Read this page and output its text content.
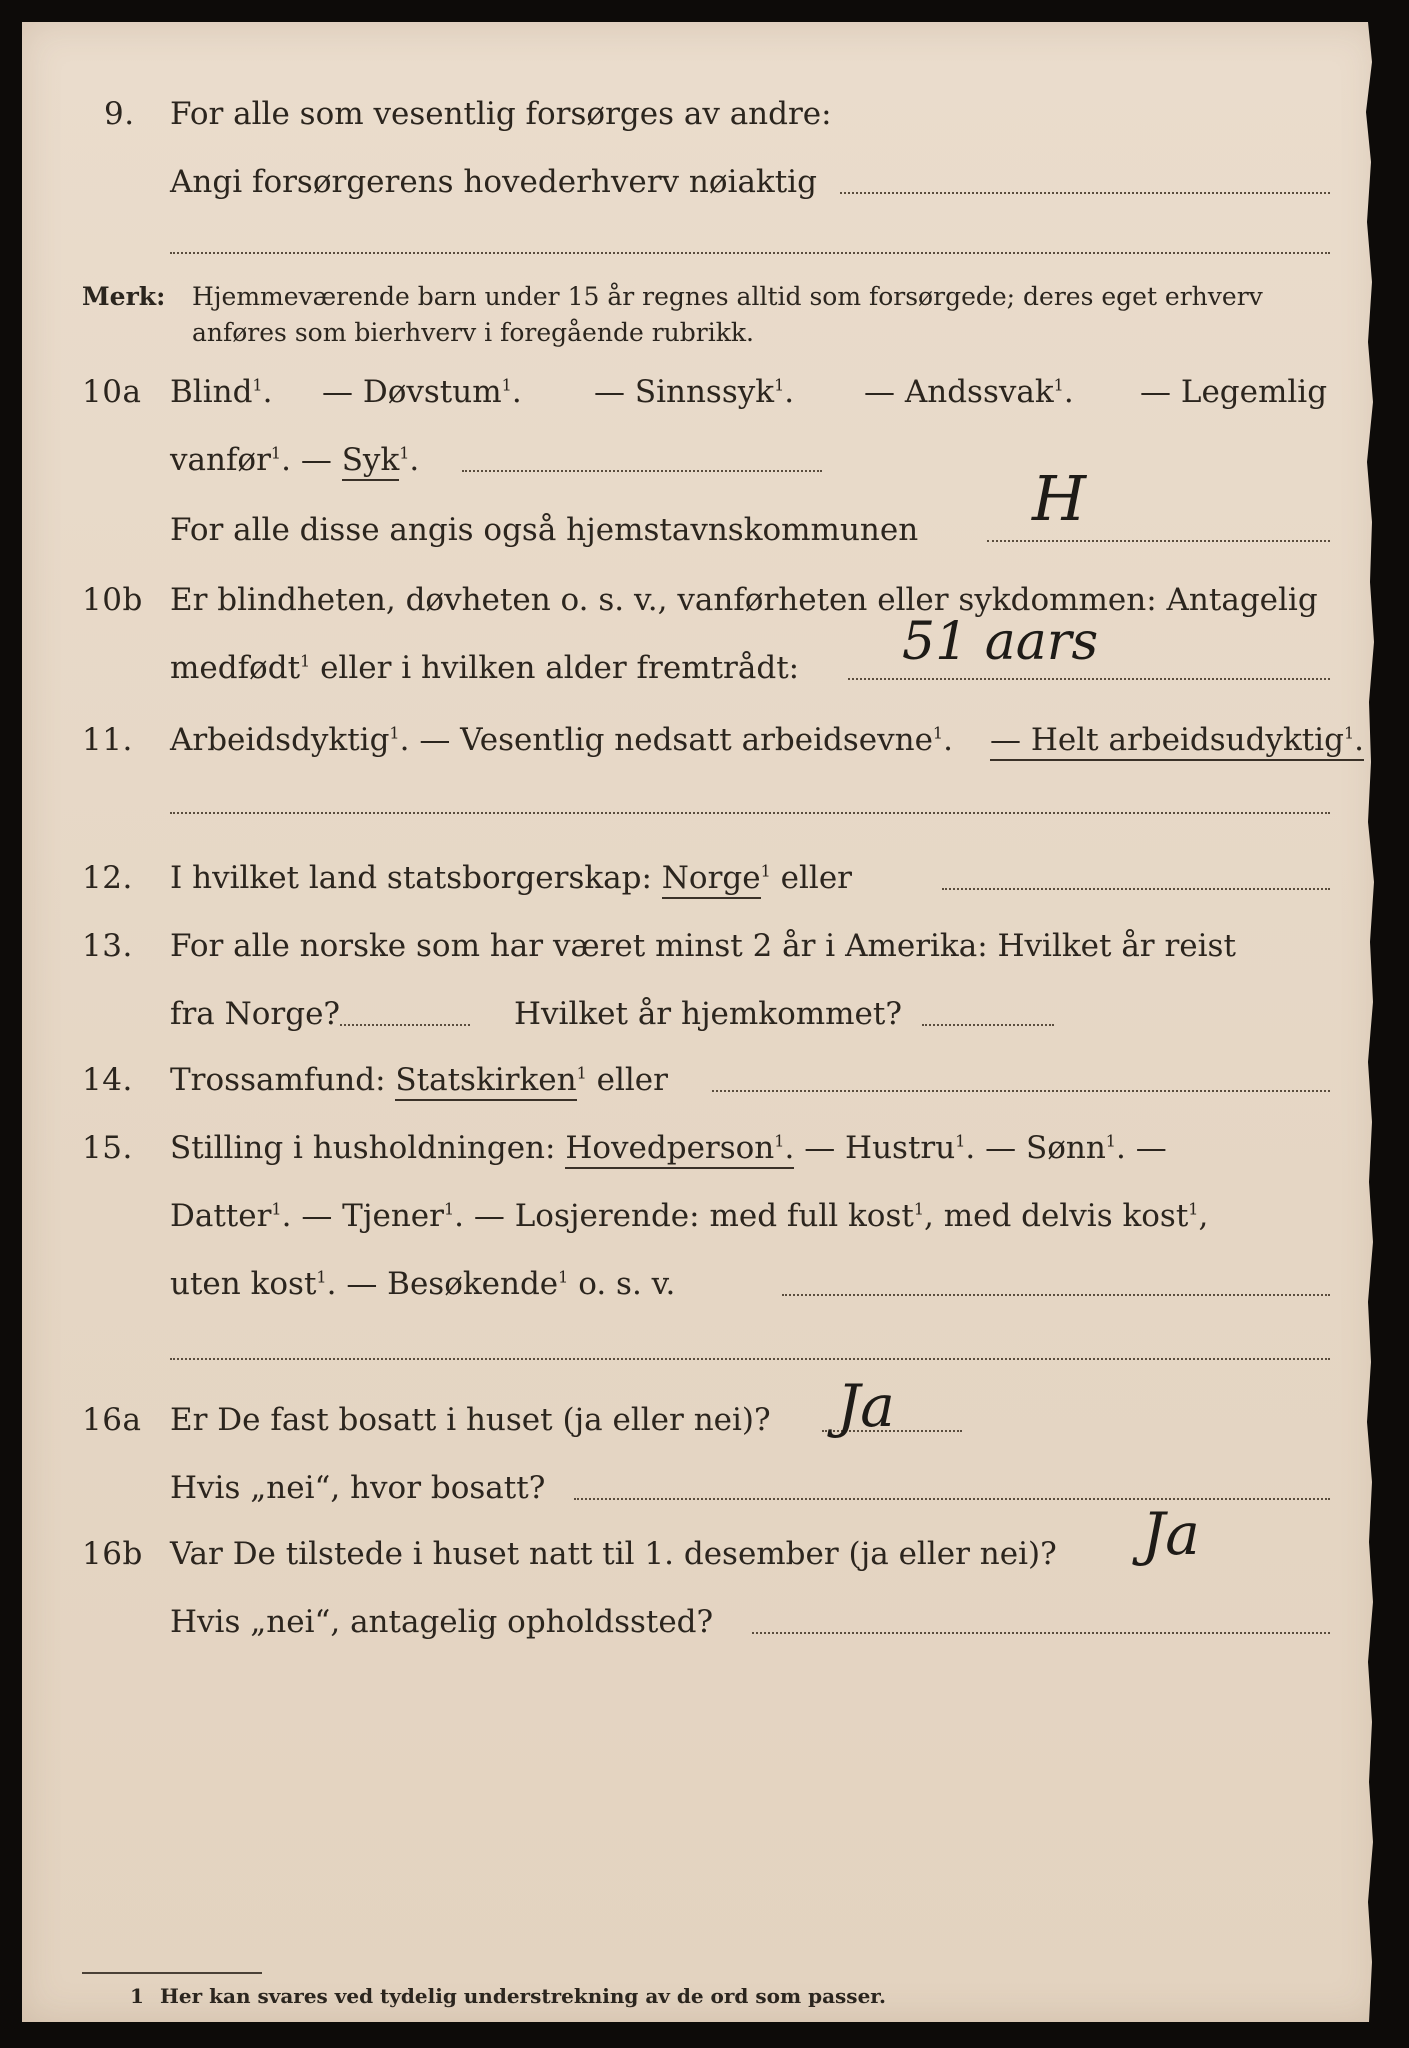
9. For alle som vesentlig forsørges av andre:
Angi forsørgerens hovederhverv nøiaktig
Merk: Hjemmeværende barn under 15 år regnes alltid som forsørgede; deres eget erhverv
anføres som bierhverv i foregående rubrikk.
10a Blind$^1$. — Døvstum$^1$. — Sinnssyk$^1$. — Andssvak$^1$. — Legemlig
vanfør$^1$. — Syk$^1$.
For alle disse angis også hjemstavnskommunen H
10b Er blindheten, døvheten o. s. v., vanførheten eller sykdommen: Antagelig
medfødt$^1$ eller i hvilken alder fremtrådt: 51 aars
11. Arbeidsdyktig$^1$. — Vesentlig nedsatt arbeidsevne$^1$. — Helt arbeidsudyktig$^1$.
12. I hvilket land statsborgerskap: Norge$^1$ eller
13. For alle norske som har været minst 2 år i Amerika: Hvilket år reist
fra Norge?	Hvilket år hjemkommet?
14. Trossamfund: Statskirken$^1$ eller
15. Stilling i husholdningen: Hovedperson$^1$. — Hustru$^1$. — Sønn$^1$. —
Datter$^1$. — Tjener$^1$. — Losjerende: med full kost$^1$, med delvis kost$^1$,
uten kost$^1$. — Besøkende$^1$ o. s. v.
16a Er De fast bosatt i huset (ja eller nei)? Ja
Hvis „nei“, hvor bosatt?
16b Var De tilstede i huset natt til 1. desember (ja eller nei)? Ja
Hvis „nei“, antagelig opholdssted?
1 Her kan svares ved tydelig understrekning av de ord som passer.
